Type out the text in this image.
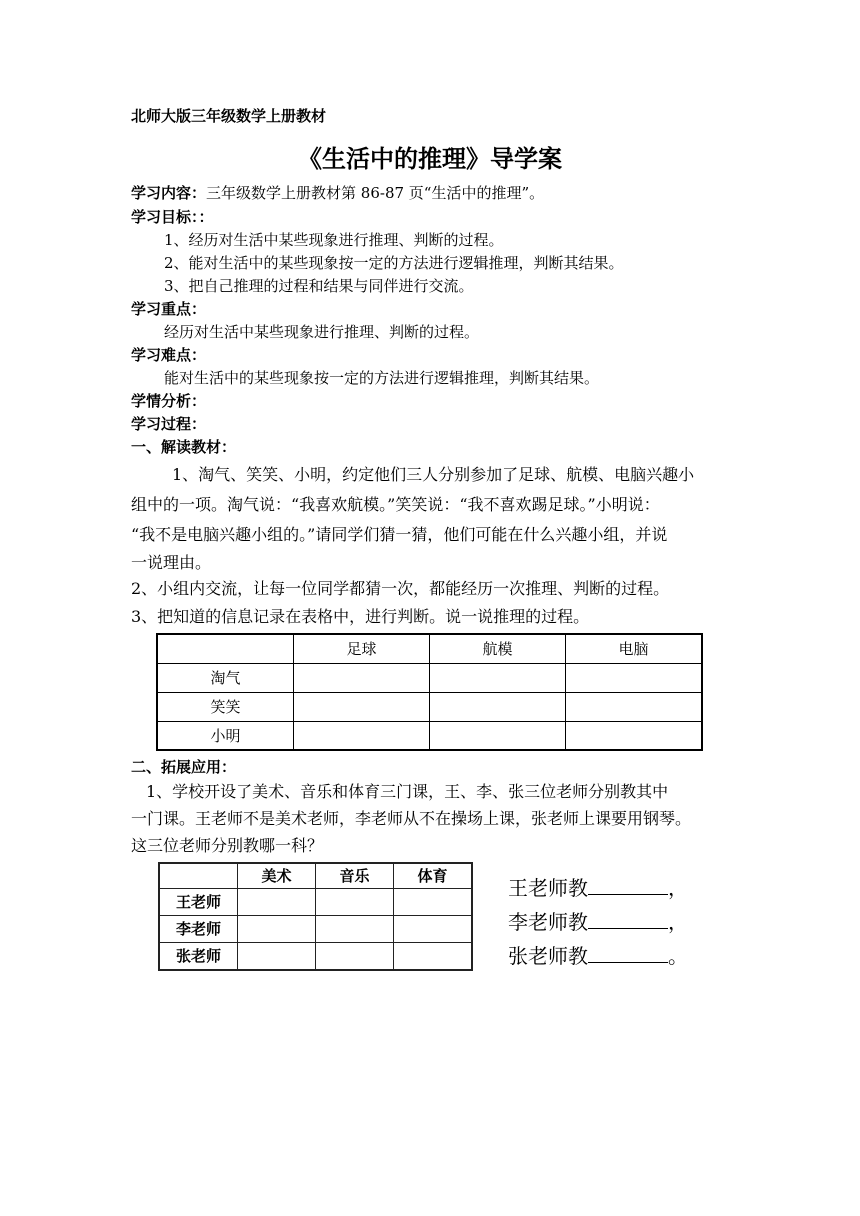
北师大版三年级数学上册教材
《生活中的推理》导学案
学习内容：三年级数学上册教材第 86-87 页“生活中的推理”。
学习目标：：
1、经历对生活中某些现象进行推理、判断的过程。
2、能对生活中的某些现象按一定的方法进行逻辑推理，判断其结果。
3、把自己推理的过程和结果与同伴进行交流。
学习重点：
经历对生活中某些现象进行推理、判断的过程。
学习难点：
能对生活中的某些现象按一定的方法进行逻辑推理，判断其结果。
学情分析：
学习过程：
一、解读教材：
1、淘气、笑笑、小明，约定他们三人分别参加了足球、航模、电脑兴趣小
组中的一项。淘气说：“我喜欢航模。”笑笑说：“我不喜欢踢足球。”小明说：
“我不是电脑兴趣小组的。”请同学们猜一猜，他们可能在什么兴趣小组，并说
一说理由。
2、小组内交流，让每一位同学都猜一次，都能经历一次推理、判断的过程。
3、把知道的信息记录在表格中，进行判断。说一说推理的过程。
	足球	航模	电脑
淘气			
笑笑			
小明			
二、拓展应用：
1、学校开设了美术、音乐和体育三门课，王、李、张三位老师分别教其中
一门课。王老师不是美术老师，李老师从不在操场上课，张老师上课要用钢琴。
这三位老师分别教哪一科？
	美术	音乐	体育
王老师			
李老师			
张老师			
王老师教	，
李老师教	，
张老师教	。
